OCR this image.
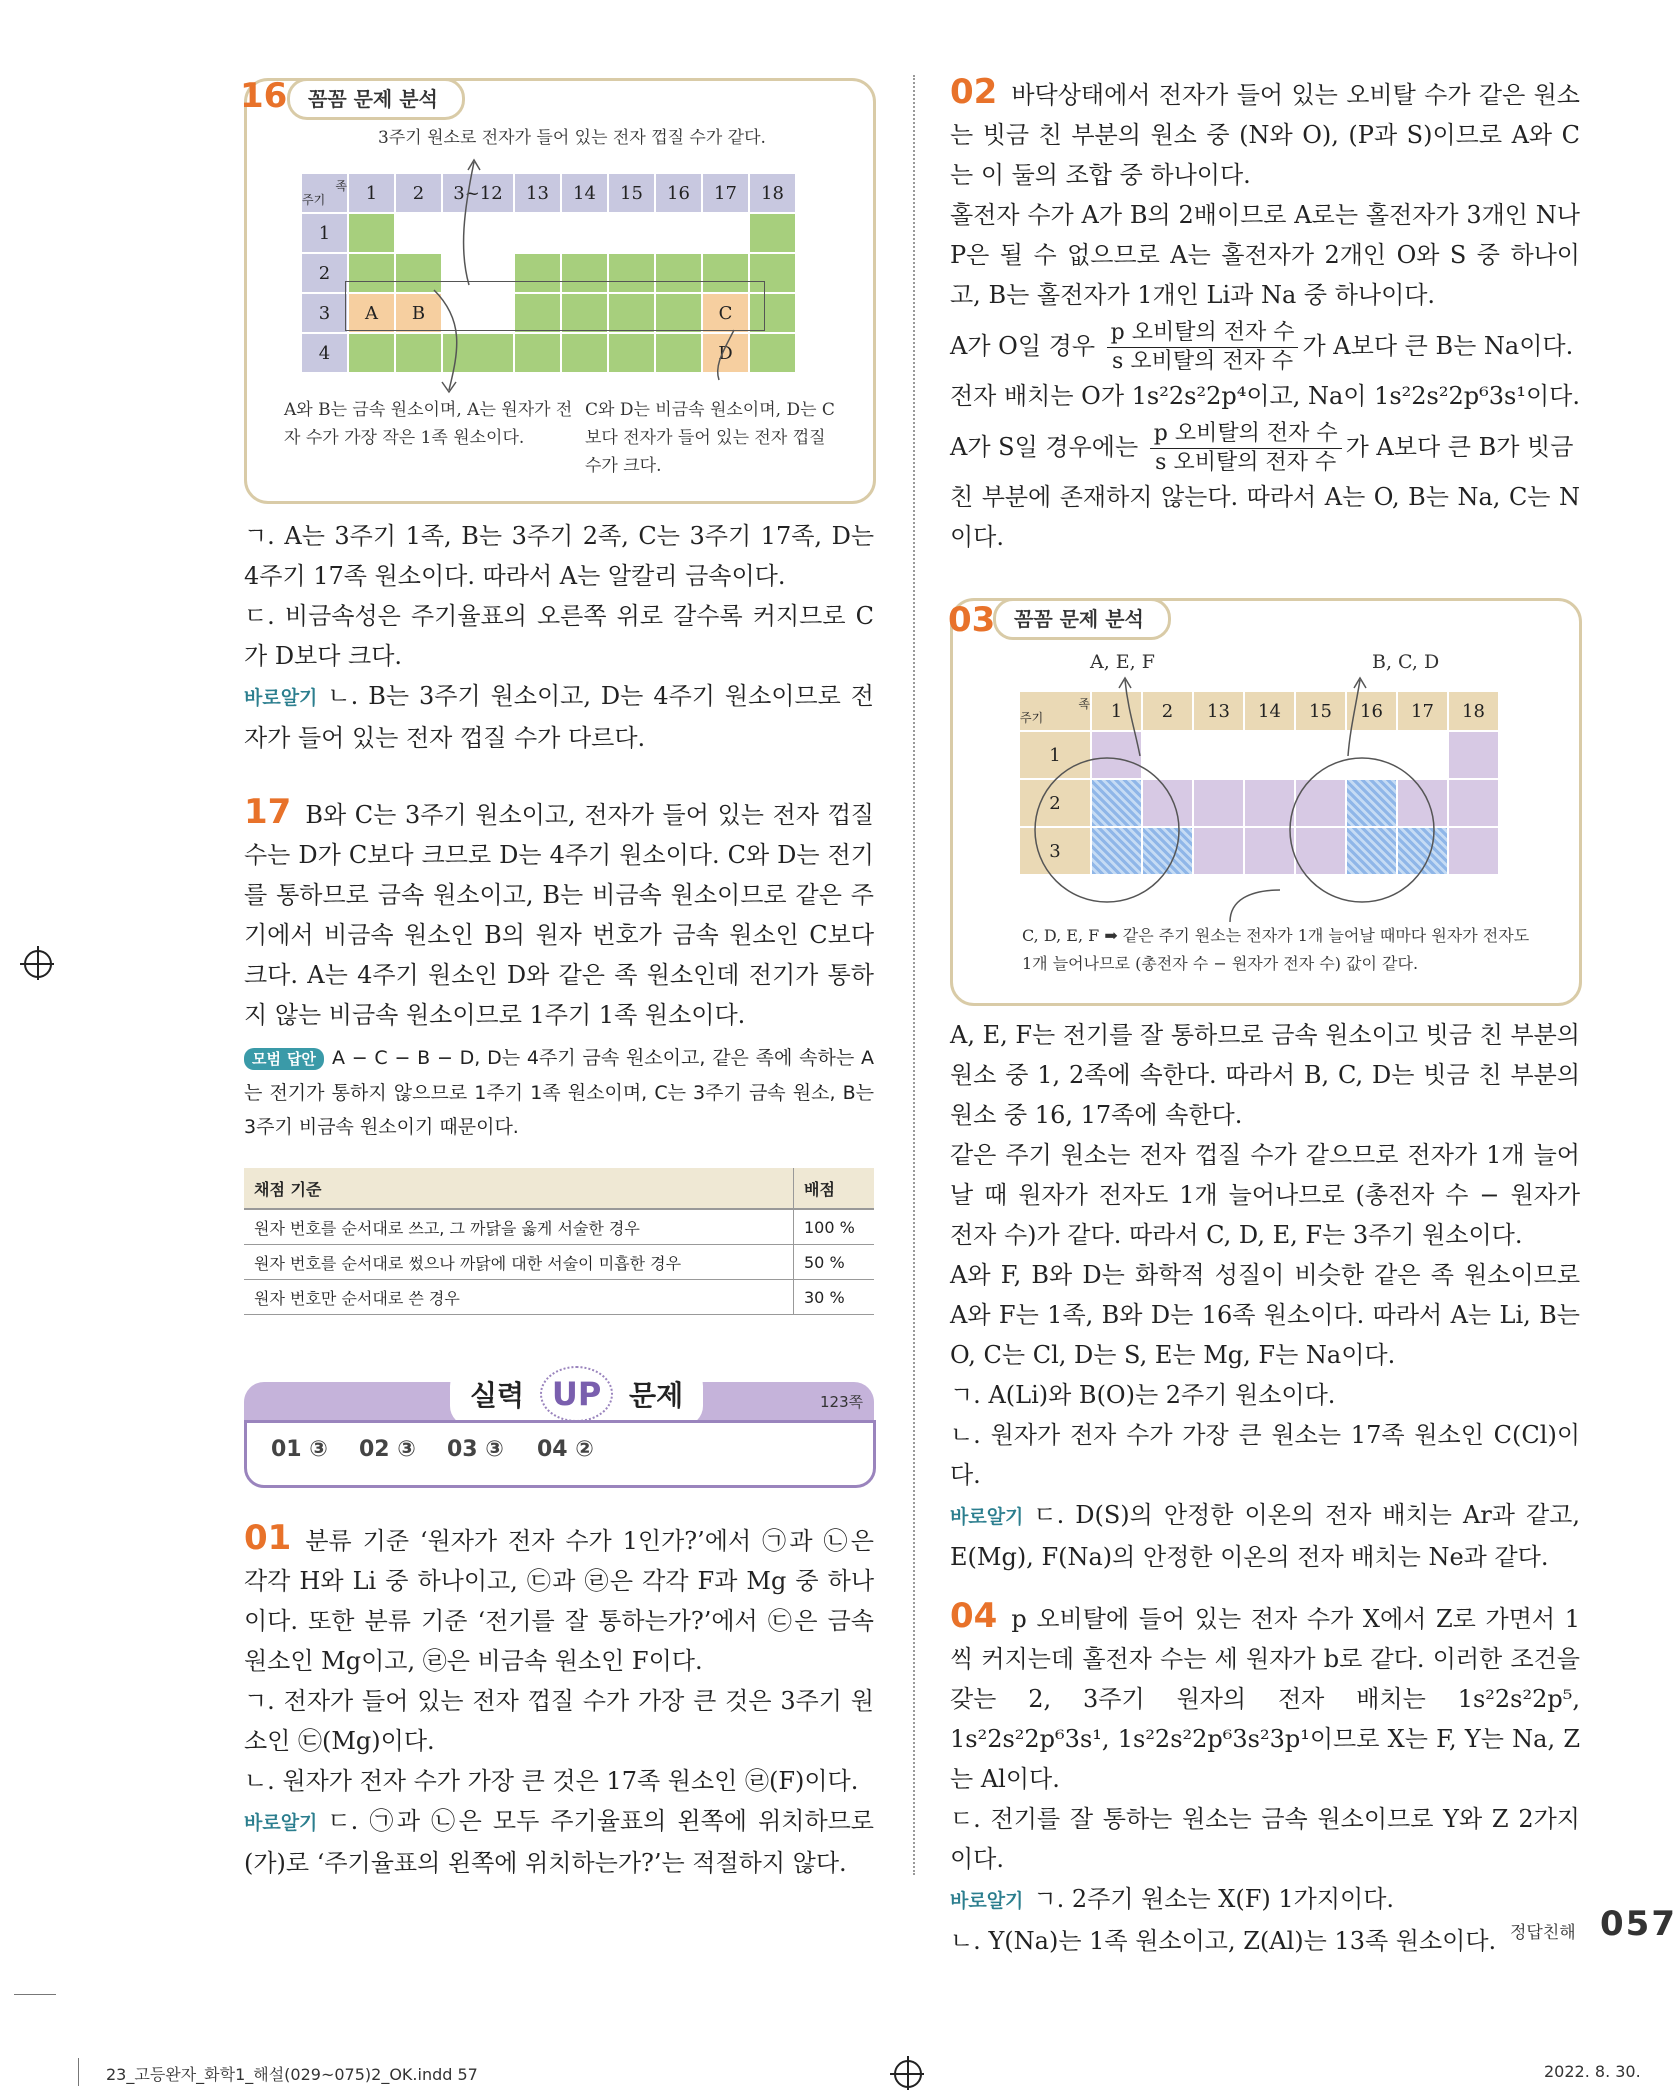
꼼꼼 문제 분석
16
3주기 원소로 전자가 들어 있는 전자 껍질 수가 같다.
족
주기	1	2	3~12	13	14	15	16	17	18
1									
2									
3	A	B						C	
4								D	
A와 B는 금속 원소이며, A는 원자가 전자 수가 가장 작은 1족 원소이다.
C와 D는 비금속 원소이며, D는 C보다 전자가 들어 있는 전자 껍질 수가 크다.

ㄱ. A는 3주기 1족, B는 3주기 2족, C는 3주기 17족, D는 4주기 17족 원소이다. 따라서 A는 알칼리 금속이다.

ㄷ. 비금속성은 주기율표의 오른쪽 위로 갈수록 커지므로 C가 D보다 크다.

바로알기 ㄴ. B는 3주기 원소이고, D는 4주기 원소이므로 전자가 들어 있는 전자 껍질 수가 다르다.

17 B와 C는 3주기 원소이고, 전자가 들어 있는 전자 껍질 수는 D가 C보다 크므로 D는 4주기 원소이다. C와 D는 전기를 통하므로 금속 원소이고, B는 비금속 원소이므로 같은 주기에서 비금속 원소인 B의 원자 번호가 금속 원소인 C보다 크다. A는 4주기 원소인 D와 같은 족 원소인데 전기가 통하지 않는 비금속 원소이므로 1주기 1족 원소이다.

모범 답안 A − C − B − D, D는 4주기 금속 원소이고, 같은 족에 속하는 A는 전기가 통하지 않으므로 1주기 1족 원소이며, C는 3주기 금속 원소, B는 3주기 비금속 원소이기 때문이다.

채점 기준	배점
원자 번호를 순서대로 쓰고, 그 까닭을 옳게 서술한 경우	100 %
원자 번호를 순서대로 썼으나 까닭에 대한 서술이 미흡한 경우	50 %
원자 번호만 순서대로 쓴 경우	30 %
실력 UP 문제	123쪽
01 ③ 02 ③ 03 ③ 04 ②

01 분류 기준 ‘원자가 전자 수가 1인가?’에서 ㉠과 ㉡은 각각 H와 Li 중 하나이고, ㉢과 ㉣은 각각 F과 Mg 중 하나이다. 또한 분류 기준 ‘전기를 잘 통하는가?’에서 ㉢은 금속 원소인 Mg이고, ㉣은 비금속 원소인 F이다.

ㄱ. 전자가 들어 있는 전자 껍질 수가 가장 큰 것은 3주기 원소인 ㉢(Mg)이다.

ㄴ. 원자가 전자 수가 가장 큰 것은 17족 원소인 ㉣(F)이다.

바로알기 ㄷ. ㉠과 ㉡은 모두 주기율표의 왼쪽에 위치하므로 (가)로 ‘주기율표의 왼쪽에 위치하는가?’는 적절하지 않다.

02 바닥상태에서 전자가 들어 있는 오비탈 수가 같은 원소는 빗금 친 부분의 원소 중 (N와 O), (P과 S)이므로 A와 C는 이 둘의 조합 중 하나이다.

홀전자 수가 A가 B의 2배이므로 A로는 홀전자가 3개인 N나 P은 될 수 없으므로 A는 홀전자가 2개인 O와 S 중 하나이고, B는 홀전자가 1개인 Li과 Na 중 하나이다.

A가 O일 경우 $\frac{\text{p 오비탈의 전자 수}}{\text{s 오비탈의 전자 수}}$ 가 A보다 큰 B는 Na이다.

전자 배치는 O가 1s²2s²2p⁴이고, Na이 1s²2s²2p⁶3s¹이다.

A가 S일 경우에는 $\frac{\text{p 오비탈의 전자 수}}{\text{s 오비탈의 전자 수}}$ 가 A보다 큰 B가 빗금

친 부분에 존재하지 않는다. 따라서 A는 O, B는 Na, C는 N이다.

꼼꼼 문제 분석
03
A, E, F	B, C, D
족
주기	1	2	13	14	15	16	17	18
1								
2								
3								
C, D, E, F ➡ 같은 주기 원소는 전자가 1개 늘어날 때마다 원자가 전자도 1개 늘어나므로 (총전자 수 − 원자가 전자 수) 값이 같다.

A, E, F는 전기를 잘 통하므로 금속 원소이고 빗금 친 부분의 원소 중 1, 2족에 속한다. 따라서 B, C, D는 빗금 친 부분의 원소 중 16, 17족에 속한다.

같은 주기 원소는 전자 껍질 수가 같으므로 전자가 1개 늘어날 때 원자가 전자도 1개 늘어나므로 (총전자 수 − 원자가 전자 수)가 같다. 따라서 C, D, E, F는 3주기 원소이다.

A와 F, B와 D는 화학적 성질이 비슷한 같은 족 원소이므로 A와 F는 1족, B와 D는 16족 원소이다. 따라서 A는 Li, B는 O, C는 Cl, D는 S, E는 Mg, F는 Na이다.

ㄱ. A(Li)와 B(O)는 2주기 원소이다.

ㄴ. 원자가 전자 수가 가장 큰 원소는 17족 원소인 C(Cl)이다.

바로알기 ㄷ. D(S)의 안정한 이온의 전자 배치는 Ar과 같고, E(Mg), F(Na)의 안정한 이온의 전자 배치는 Ne과 같다.

04 p 오비탈에 들어 있는 전자 수가 X에서 Z로 가면서 1씩 커지는데 홀전자 수는 세 원자가 b로 같다. 이러한 조건을 갖는 2, 3주기 원자의 전자 배치는 1s²2s²2p⁵, 1s²2s²2p⁶3s¹, 1s²2s²2p⁶3s²3p¹이므로 X는 F, Y는 Na, Z는 Al이다.

ㄷ. 전기를 잘 통하는 원소는 금속 원소이므로 Y와 Z 2가지이다.

바로알기 ㄱ. 2주기 원소는 X(F) 1가지이다.

ㄴ. Y(Na)는 1족 원소이고, Z(Al)는 13족 원소이다. 정답친해 057
23_고등완자_화학1_해설(029~075)2_OK.indd 57	2022. 8. 30.
